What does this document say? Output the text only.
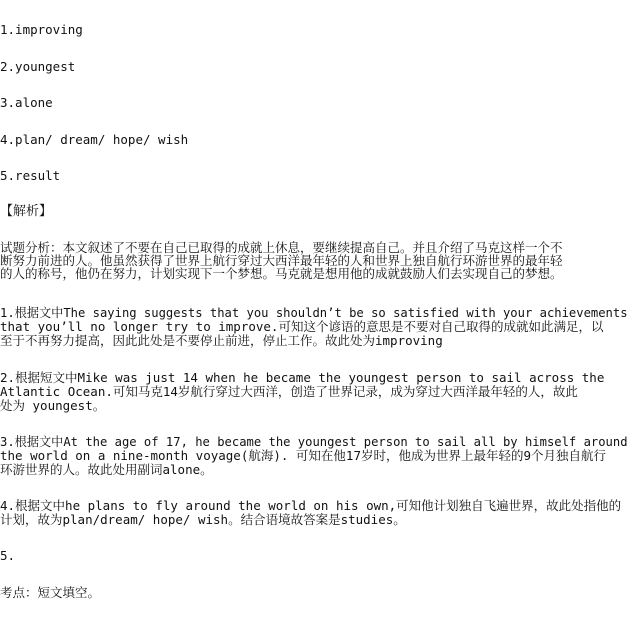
1.improving

2.youngest

3.alone

4.plan/ dream/ hope/ wish

5.result

【解析】

试题分析：本文叙述了不要在自己已取得的成就上休息，要继续提高自己。并且介绍了马克这样一个不

断努力前进的人。他虽然获得了世界上航行穿过大西洋最年轻的人和世界上独自航行环游世界的最年轻

的人的称号，他仍在努力，计划实现下一个梦想。马克就是想用他的成就鼓励人们去实现自己的梦想。

1.根据文中The saying suggests that you shouldn’t be so satisfied with your achievements

that you’ll no longer try to improve.可知这个谚语的意思是不要对自己取得的成就如此满足，以

至于不再努力提高，因此此处是不要停止前进，停止工作。故此处为improving

2.根据短文中Mike was just 14 when he became the youngest person to sail across the

Atlantic Ocean.可知马克14岁航行穿过大西洋，创造了世界记录，成为穿过大西洋最年轻的人，故此

处为 youngest。

3.根据文中At the age of 17, he became the youngest person to sail all by himself around

the world on a nine-month voyage(航海). 可知在他17岁时，他成为世界上最年轻的9个月独自航行

环游世界的人。故此处用副词alone。

4.根据文中he plans to fly around the world on his own,可知他计划独自飞遍世界，故此处指他的

计划，故为plan/dream/ hope/ wish。结合语境故答案是studies。

5.

考点：短文填空。
